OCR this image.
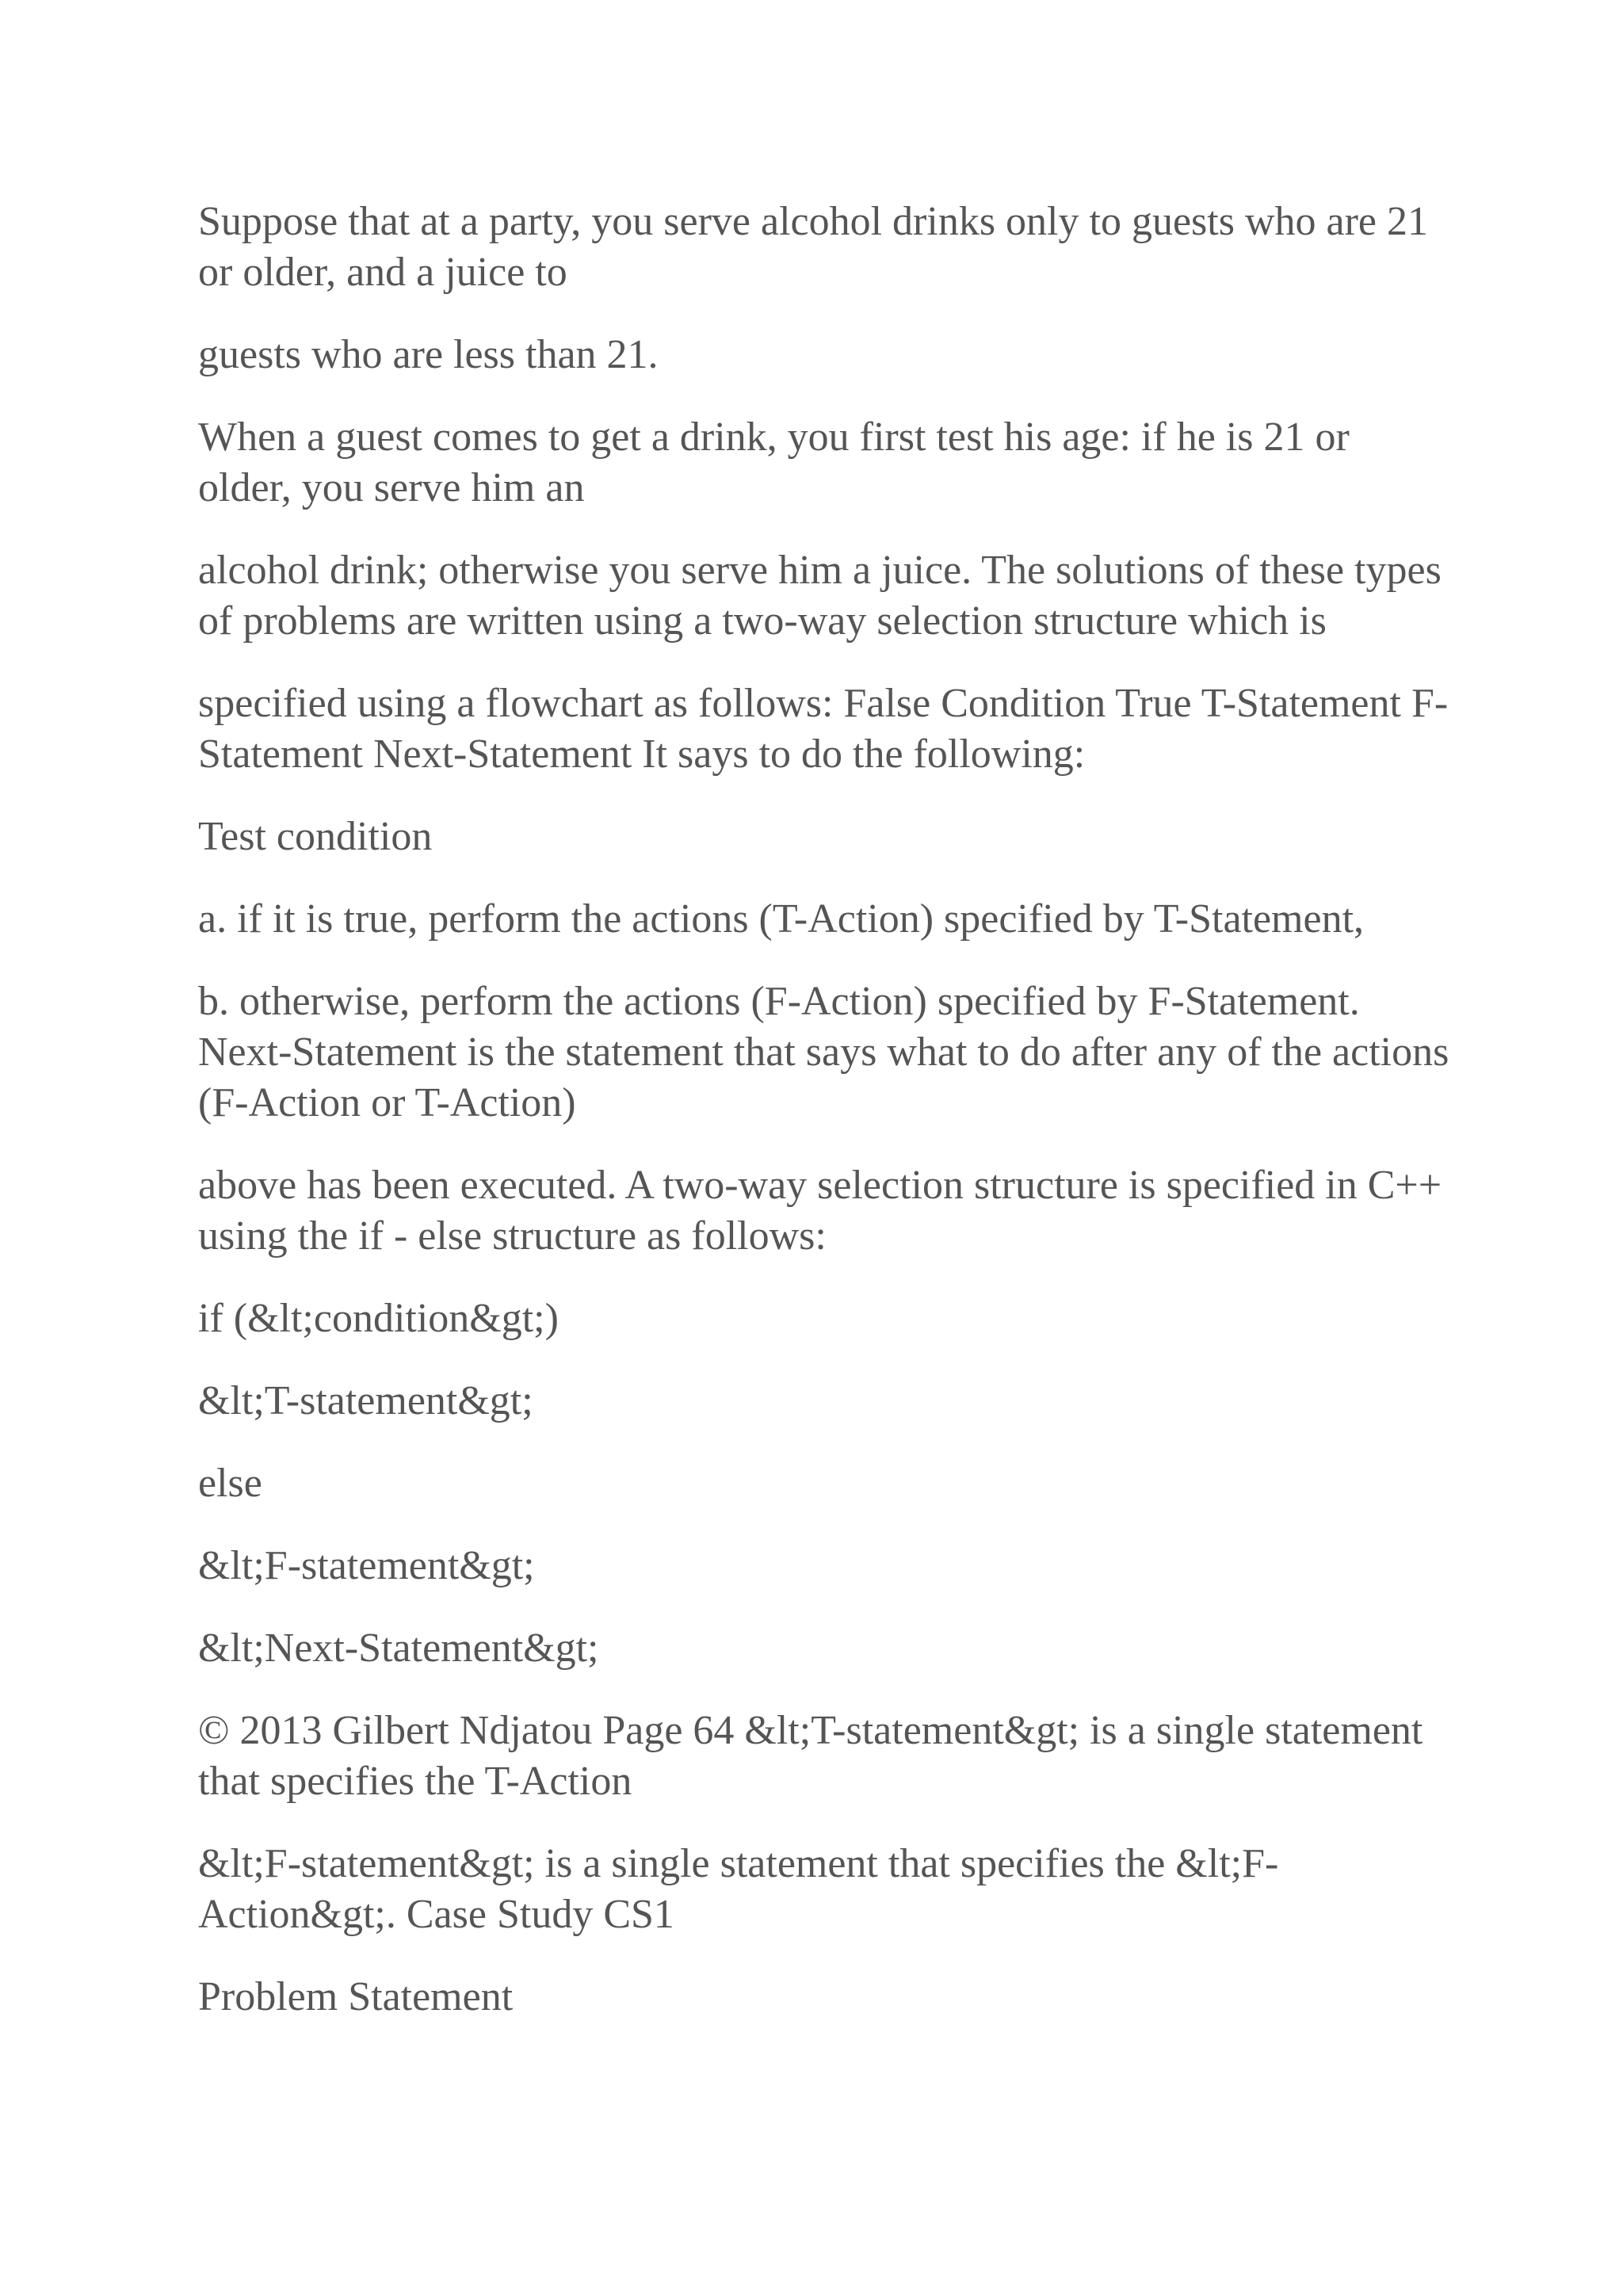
Suppose that at a party, you serve alcohol drinks only to guests who are 21 or older, and a juice to

guests who are less than 21.

When a guest comes to get a drink, you first test his age: if he is 21 or older, you serve him an

alcohol drink; otherwise you serve him a juice. The solutions of these types of problems are written using a two-way selection structure which is

specified using a flowchart as follows: False Condition True T-Statement F-Statement Next-Statement It says to do the following:

Test condition

a. if it is true, perform the actions (T-Action) specified by T-Statement,

b. otherwise, perform the actions (F-Action) specified by F-Statement. Next-Statement is the statement that says what to do after any of the actions (F-Action or T-Action)

above has been executed. A two-way selection structure is specified in C++ using the if - else structure as follows:

if (&lt;condition&gt;)

&lt;T-statement&gt;

else

&lt;F-statement&gt;

&lt;Next-Statement&gt;

© 2013 Gilbert Ndjatou Page 64 &lt;T-statement&gt; is a single statement that specifies the T-Action

&lt;F-statement&gt; is a single statement that specifies the &lt;F-Action&gt;. Case Study CS1

Problem Statement
